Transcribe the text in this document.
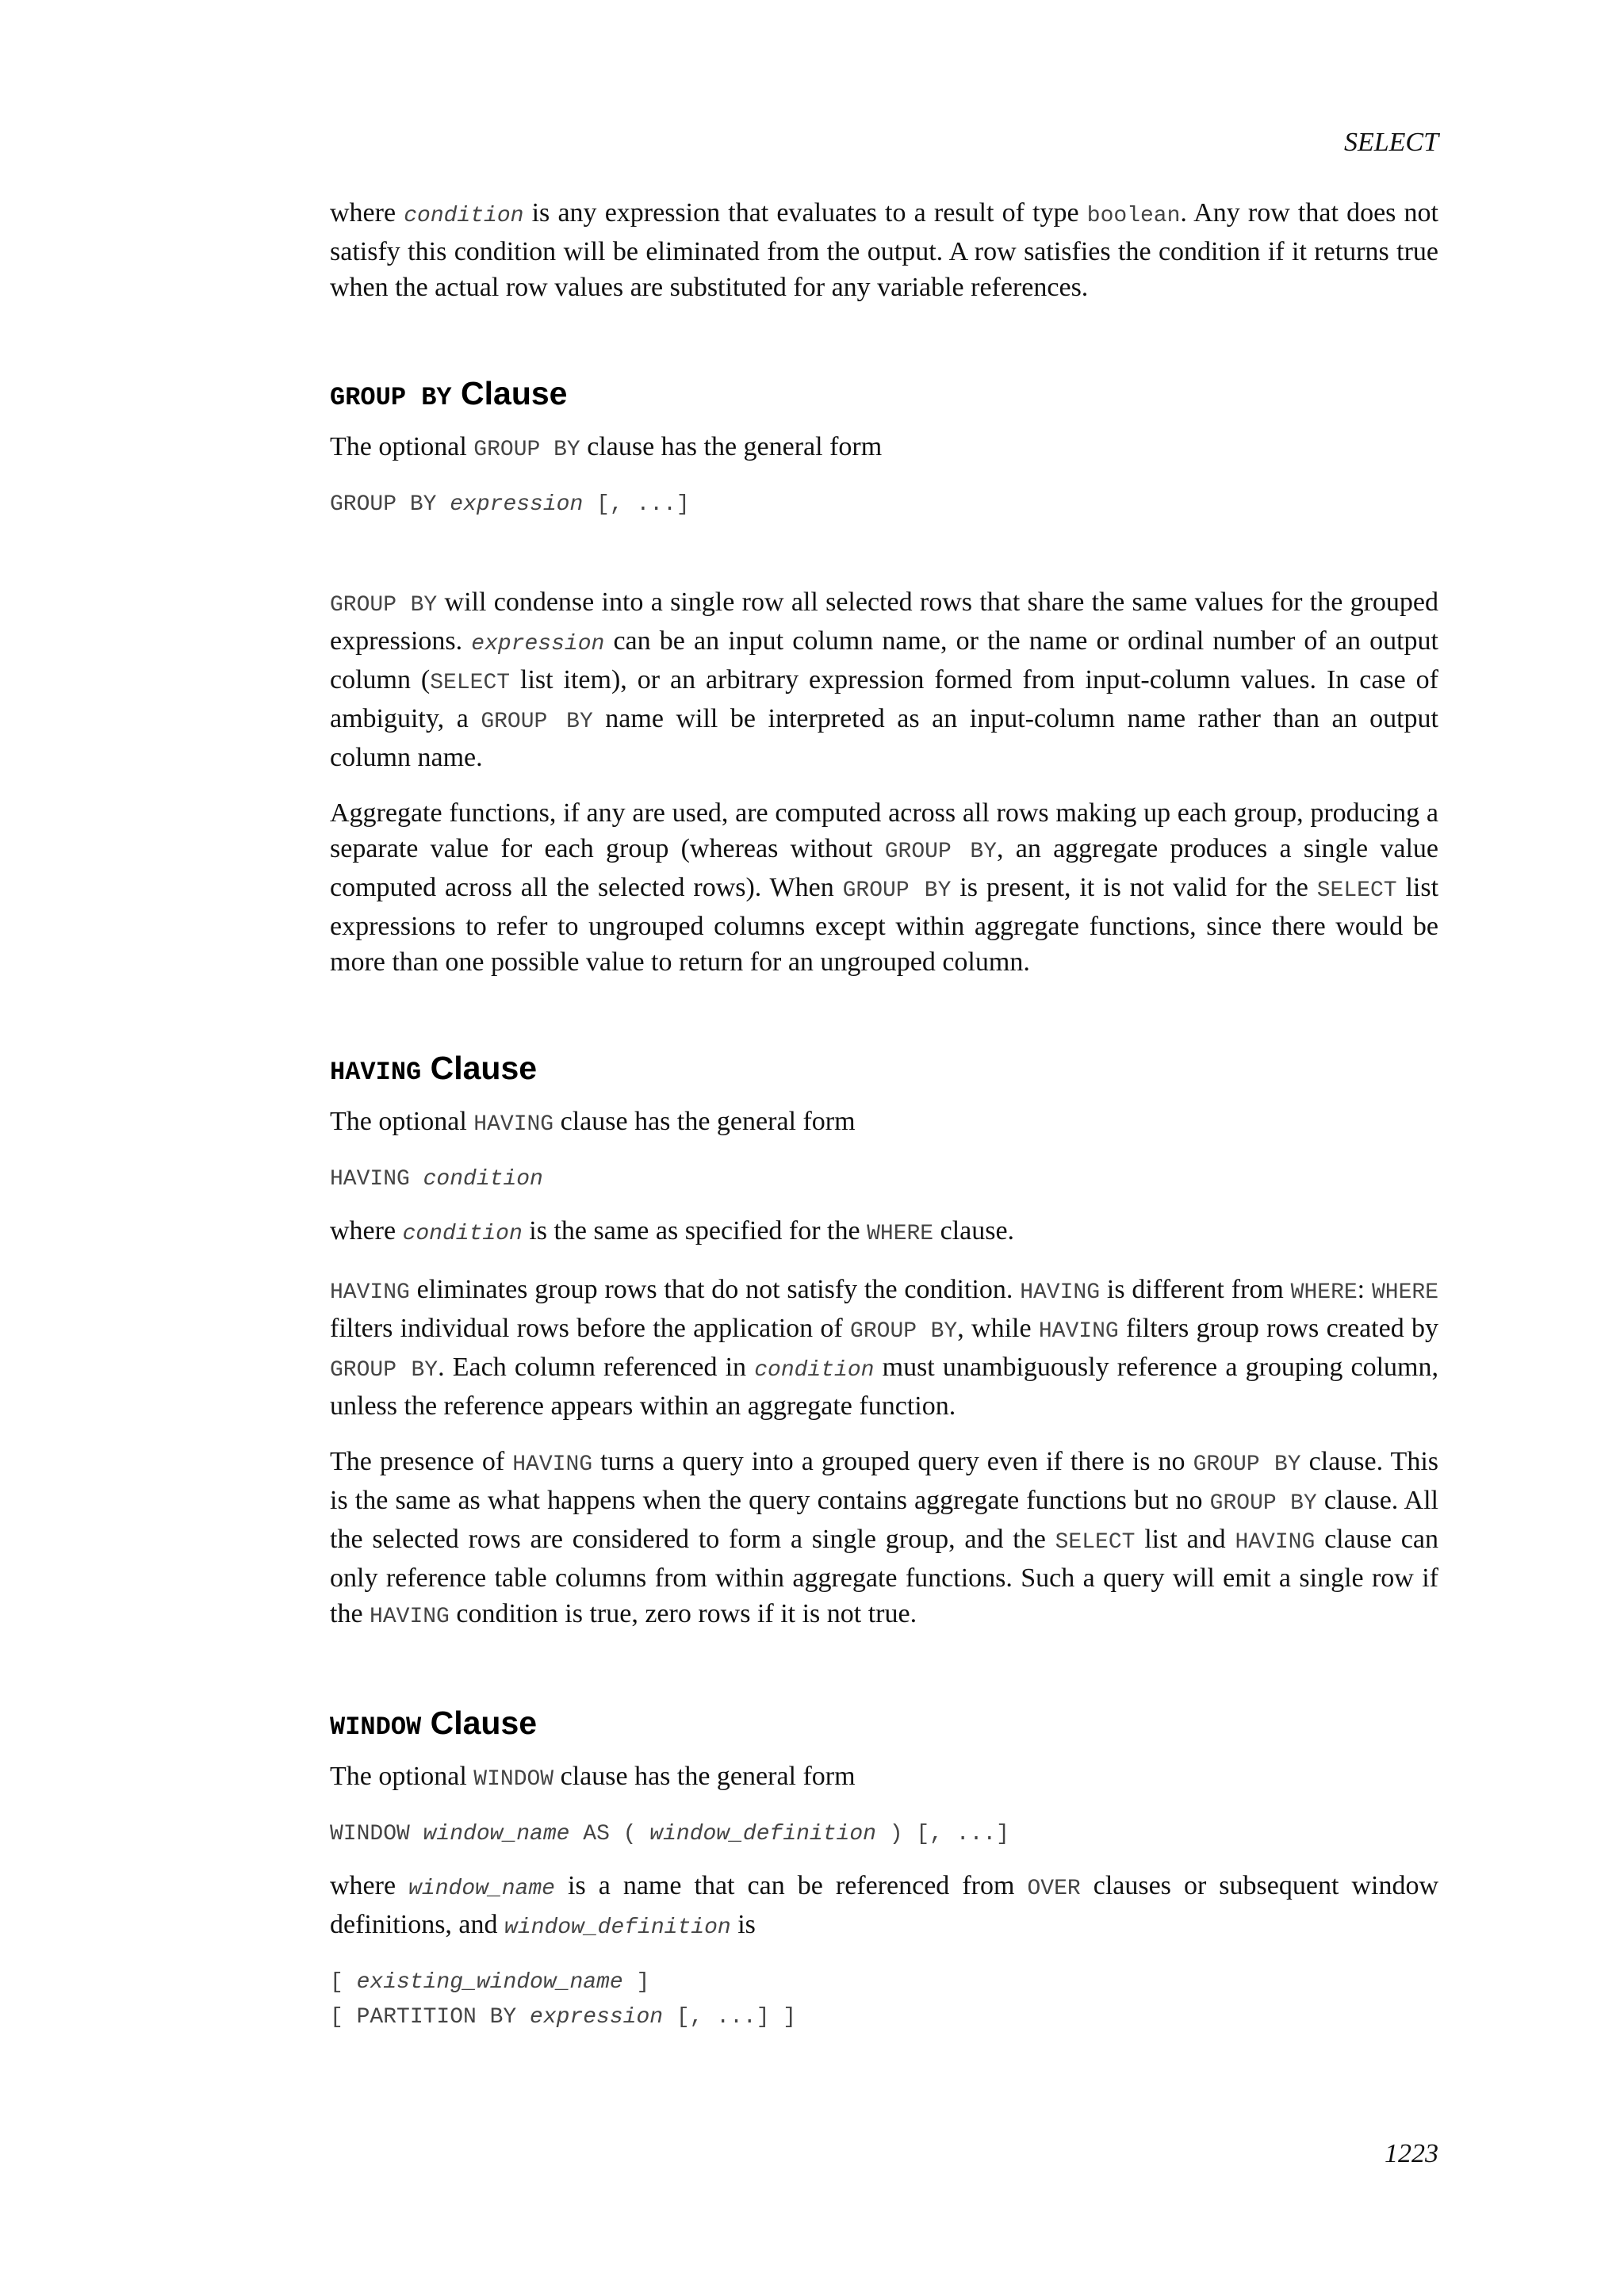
SELECT

where condition is any expression that evaluates to a result of type boolean. Any row that does not satisfy this condition will be eliminated from the output. A row satisfies the condition if it returns true when the actual row values are substituted for any variable references.

GROUP BY Clause

The optional GROUP BY clause has the general form

GROUP BY expression [, ...]

GROUP BY will condense into a single row all selected rows that share the same values for the grouped expressions. expression can be an input column name, or the name or ordinal number of an output column (SELECT list item), or an arbitrary expression formed from input-column values. In case of ambiguity, a GROUP BY name will be interpreted as an input-column name rather than an output column name.

Aggregate functions, if any are used, are computed across all rows making up each group, producing a separate value for each group (whereas without GROUP BY, an aggregate produces a single value computed across all the selected rows). When GROUP BY is present, it is not valid for the SELECT list expressions to refer to ungrouped columns except within aggregate functions, since there would be more than one possible value to return for an ungrouped column.

HAVING Clause

The optional HAVING clause has the general form

HAVING condition

where condition is the same as specified for the WHERE clause.

HAVING eliminates group rows that do not satisfy the condition. HAVING is different from WHERE: WHERE filters individual rows before the application of GROUP BY, while HAVING filters group rows created by GROUP BY. Each column referenced in condition must unambiguously reference a grouping column, unless the reference appears within an aggregate function.

The presence of HAVING turns a query into a grouped query even if there is no GROUP BY clause. This is the same as what happens when the query contains aggregate functions but no GROUP BY clause. All the selected rows are considered to form a single group, and the SELECT list and HAVING clause can only reference table columns from within aggregate functions. Such a query will emit a single row if the HAVING condition is true, zero rows if it is not true.

WINDOW Clause

The optional WINDOW clause has the general form

WINDOW window_name AS ( window_definition ) [, ...]

where window_name is a name that can be referenced from OVER clauses or subsequent window definitions, and window_definition is

[ existing_window_name ]
[ PARTITION BY expression [, ...] ]
1223
